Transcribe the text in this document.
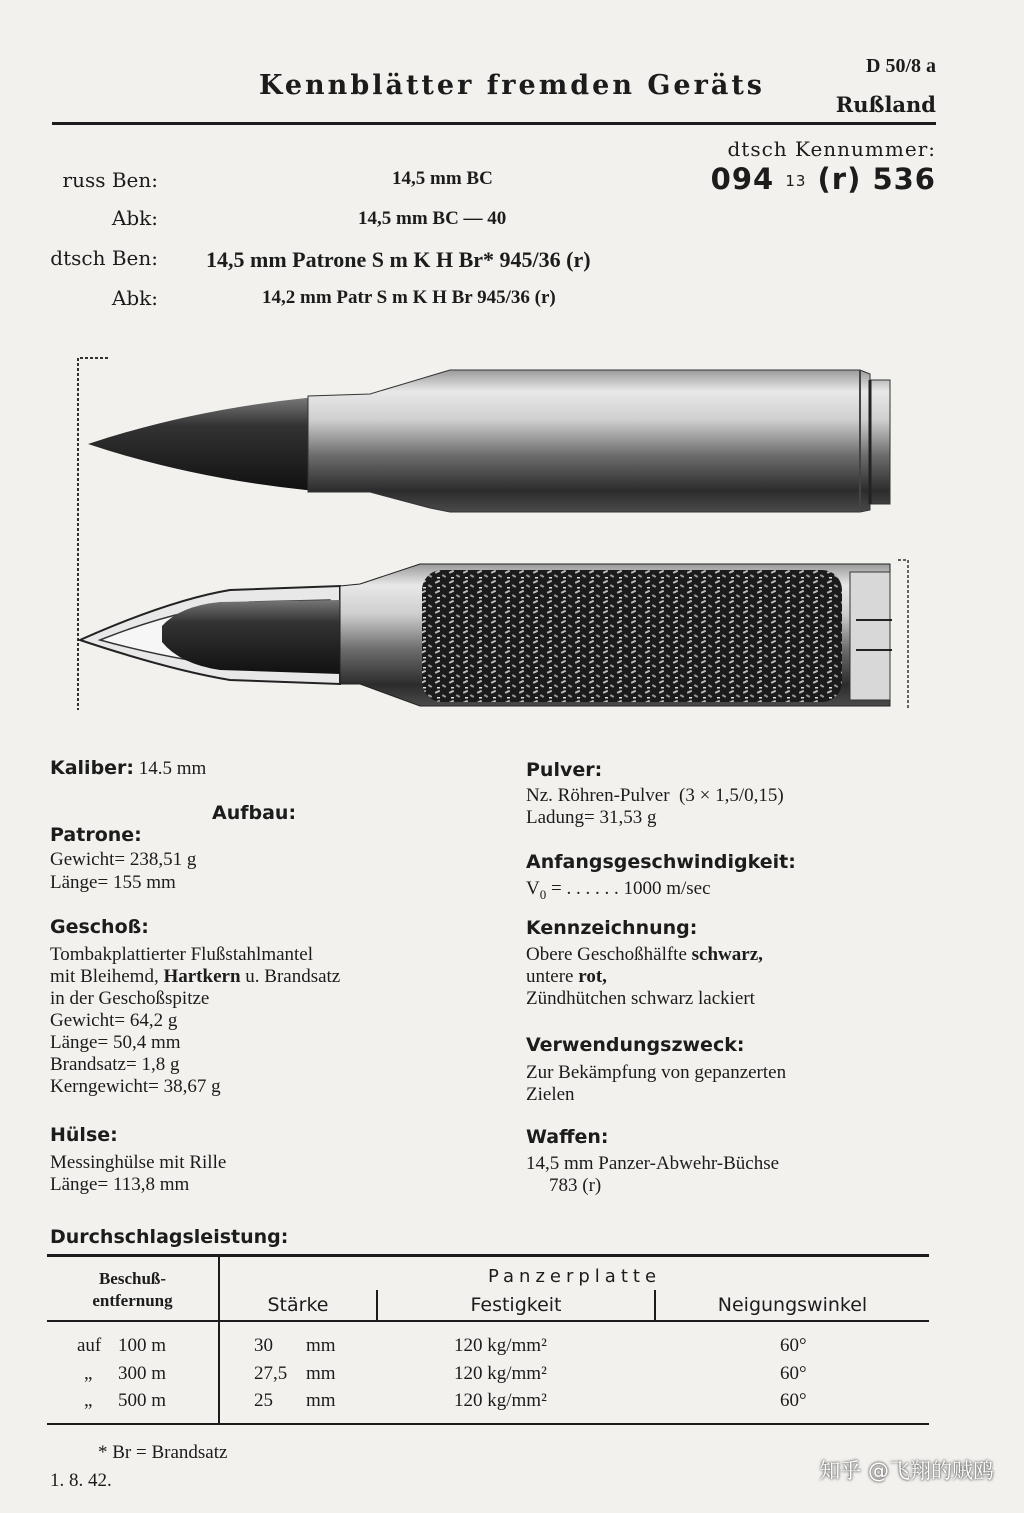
Kennblätter fremden Geräts
D 50/8 a
Rußland
dtsch Kennummer:
094 13 (r) 536
russ Ben:	14,5 mm BC
Abk:	14,5 mm BC — 40
dtsch Ben: 14,5 mm Patrone S m K H Br* 945/36 (r)
Abk:	14,2 mm Patr S m K H Br 945/36 (r)
Kaliber: 14.5 mm
Aufbau:
Patrone:
Gewicht= 238,51 g
Länge= 155 mm
Geschoß:
Tombakplattierter Flußstahlmantel
mit Bleihemd, Hartkern u. Brandsatz
in der Geschoßspitze
Gewicht= 64,2 g
Länge= 50,4 mm
Brandsatz= 1,8 g
Kerngewicht= 38,67 g
Hülse:
Messinghülse mit Rille
Länge= 113,8 mm
Pulver:
Nz. Röhren-Pulver  (3 × 1,5/0,15)
Ladung= 31,53 g
Anfangsgeschwindigkeit:
$V_0$ = . . . . . . 1000 m/sec
Kennzeichnung:
Obere Geschoßhälfte schwarz,
untere rot,
Zündhütchen schwarz lackiert
Verwendungszweck:
Zur Bekämpfung von gepanzerten
Zielen
Waffen:
14,5 mm Panzer-Abwehr-Büchse
783 (r)
Durchschlagsleistung:
Beschuß-
entfernung
Panzerplatte
Stärke	Festigkeit	Neigungswinkel
auf 100 m	30 mm	120 kg/mm²	60°
„ 300 m	27,5 mm	120 kg/mm²	60°
„ 500 m	25 mm	120 kg/mm²	60°
* Br = Brandsatz
1. 8. 42.	知乎 @飞翔的贼鸥
